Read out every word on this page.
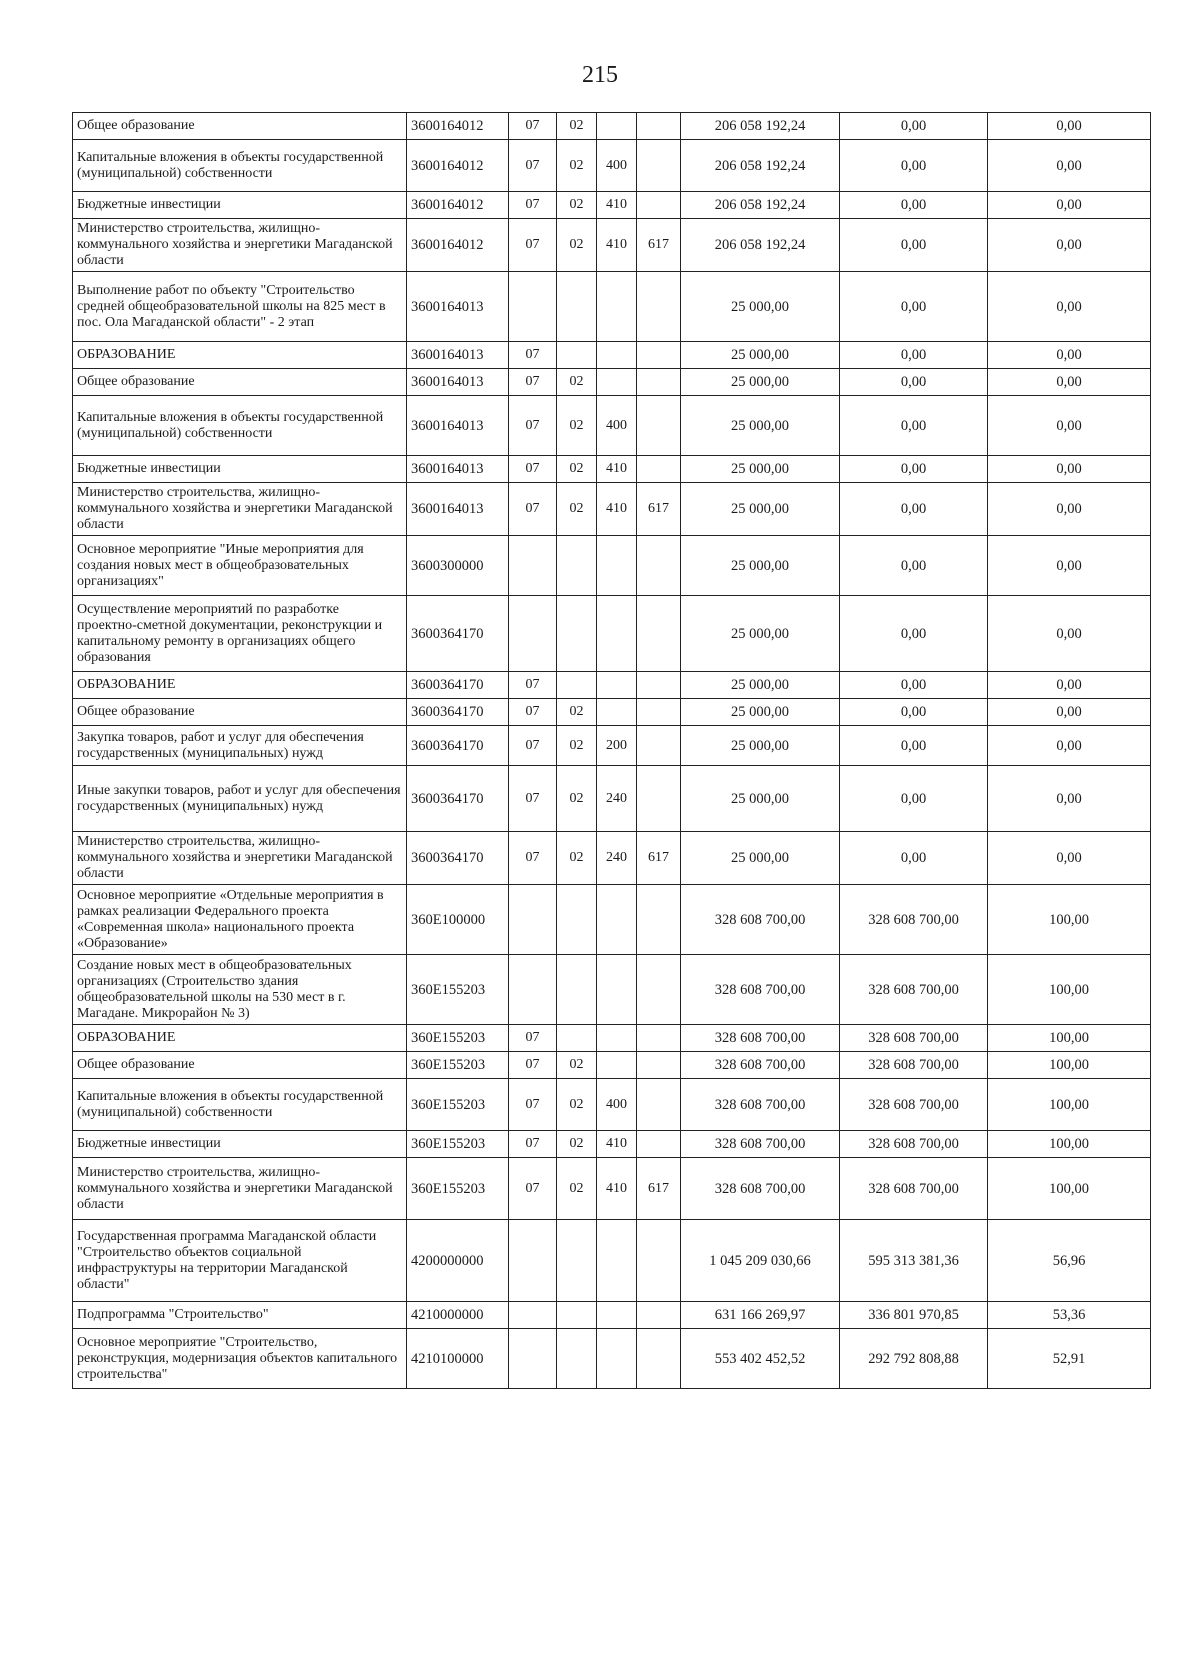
215
Общее образование	3600164012	07	02			206 058 192,24	0,00	0,00
Капитальные вложения в объекты государственной (муниципальной) собственности	3600164012	07	02	400		206 058 192,24	0,00	0,00
Бюджетные инвестиции	3600164012	07	02	410		206 058 192,24	0,00	0,00
Министерство строительства, жилищно-коммунального хозяйства и энергетики Магаданской области	3600164012	07	02	410	617	206 058 192,24	0,00	0,00
Выполнение работ по объекту "Строительство средней общеобразовательной школы на 825 мест в пос. Ола Магаданской области" - 2 этап	3600164013					25 000,00	0,00	0,00
ОБРАЗОВАНИЕ	3600164013	07				25 000,00	0,00	0,00
Общее образование	3600164013	07	02			25 000,00	0,00	0,00
Капитальные вложения в объекты государственной (муниципальной) собственности	3600164013	07	02	400		25 000,00	0,00	0,00
Бюджетные инвестиции	3600164013	07	02	410		25 000,00	0,00	0,00
Министерство строительства, жилищно-коммунального хозяйства и энергетики Магаданской области	3600164013	07	02	410	617	25 000,00	0,00	0,00
Основное мероприятие "Иные мероприятия для создания новых мест в общеобразовательных организациях"	3600300000					25 000,00	0,00	0,00
Осуществление мероприятий по разработке проектно-сметной документации, реконструкции и капитальному ремонту в организациях общего образования	3600364170					25 000,00	0,00	0,00
ОБРАЗОВАНИЕ	3600364170	07				25 000,00	0,00	0,00
Общее образование	3600364170	07	02			25 000,00	0,00	0,00
Закупка товаров, работ и услуг для обеспечения государственных (муниципальных) нужд	3600364170	07	02	200		25 000,00	0,00	0,00
Иные закупки товаров, работ и услуг для обеспечения государственных (муниципальных) нужд	3600364170	07	02	240		25 000,00	0,00	0,00
Министерство строительства, жилищно-коммунального хозяйства и энергетики Магаданской области	3600364170	07	02	240	617	25 000,00	0,00	0,00
Основное мероприятие «Отдельные мероприятия в рамках реализации Федерального проекта «Современная школа» национального проекта «Образование»	360E100000					328 608 700,00	328 608 700,00	100,00
Создание новых мест в общеобразовательных организациях (Строительство здания общеобразовательной школы на 530 мест в г. Магадане. Микрорайон № 3)	360E155203					328 608 700,00	328 608 700,00	100,00
ОБРАЗОВАНИЕ	360E155203	07				328 608 700,00	328 608 700,00	100,00
Общее образование	360E155203	07	02			328 608 700,00	328 608 700,00	100,00
Капитальные вложения в объекты государственной (муниципальной) собственности	360E155203	07	02	400		328 608 700,00	328 608 700,00	100,00
Бюджетные инвестиции	360E155203	07	02	410		328 608 700,00	328 608 700,00	100,00
Министерство строительства, жилищно-коммунального хозяйства и энергетики Магаданской области	360E155203	07	02	410	617	328 608 700,00	328 608 700,00	100,00
Государственная программа Магаданской области "Строительство объектов социальной инфраструктуры на территории Магаданской области"	4200000000					1 045 209 030,66	595 313 381,36	56,96
Подпрограмма "Строительство"	4210000000					631 166 269,97	336 801 970,85	53,36
Основное мероприятие "Строительство, реконструкция, модернизация объектов капитального строительства"	4210100000					553 402 452,52	292 792 808,88	52,91
